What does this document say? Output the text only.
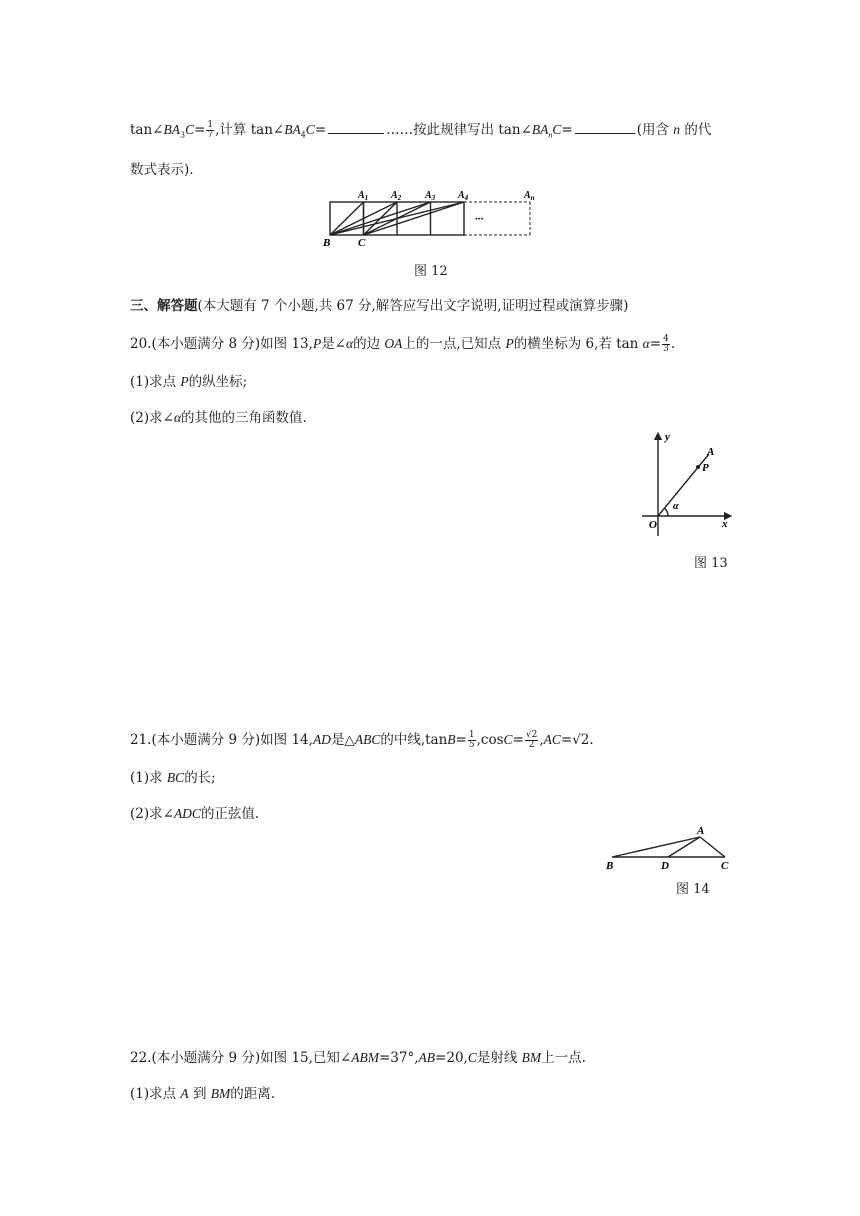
$\tan\angle BA_3C= \frac{1}{7}$ ,计算 $\tan\angle BA_4C=$	……按此规律写出 $\tan\angle BA_nC=$	(用含 n 的代
数式表示).
···
$A_1$ $A_2$ $A_3$ $A_4$	$A_n$
B	C
图 12
三、解答题(本大题有 7 个小题,共 67 分,解答应写出文字说明,证明过程或演算步骤)
20.(本小题满分 8 分)如图 13,P是∠α的边 OA上的一点,已知点 P的横坐标为 6,若 $\tan \alpha= \frac{4}{3}$ .
(1)求点 P的纵坐标;
(2)求∠α的其他的三角函数值.
y
x
O
A
P
α
图 13
21.(本小题满分 9 分)如图 14,AD是△ABC的中线$,\tan B= \frac{1}{5} ,\cos C= \frac{√2}{2} ,AC=√2$.
(1)求 BC的长;
(2)求∠ADC的正弦值.
A
B	D	C
图 14
22.(本小题满分 9 分)如图 15,已知∠ABM=37°,AB=20,C是射线 BM上一点.
(1)求点 A 到 BM的距离.
